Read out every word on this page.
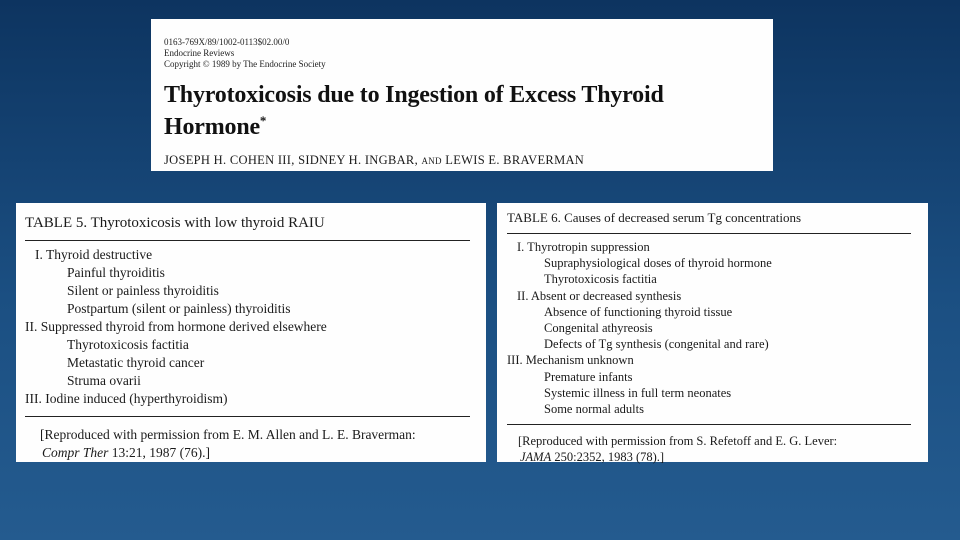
0163-769X/89/1002-0113$02.00/0
Endocrine Reviews
Copyright © 1989 by The Endocrine Society
Thyrotoxicosis due to Ingestion of Excess Thyroid
Hormone*
JOSEPH H. COHEN III, SIDNEY H. INGBAR, AND LEWIS E. BRAVERMAN
TABLE 5. Thyrotoxicosis with low thyroid RAIU
I. Thyroid destructive
Painful thyroiditis
Silent or painless thyroiditis
Postpartum (silent or painless) thyroiditis
II. Suppressed thyroid from hormone derived elsewhere
Thyrotoxicosis factitia
Metastatic thyroid cancer
Struma ovarii
III. Iodine induced (hyperthyroidism)
[Reproduced with permission from E. M. Allen and L. E. Braverman:
Compr Ther 13:21, 1987 (76).]
TABLE 6. Causes of decreased serum Tg concentrations
I. Thyrotropin suppression
Supraphysiological doses of thyroid hormone
Thyrotoxicosis factitia
II. Absent or decreased synthesis
Absence of functioning thyroid tissue
Congenital athyreosis
Defects of Tg synthesis (congenital and rare)
III. Mechanism unknown
Premature infants
Systemic illness in full term neonates
Some normal adults
[Reproduced with permission from S. Refetoff and E. G. Lever:
JAMA 250:2352, 1983 (78).]
